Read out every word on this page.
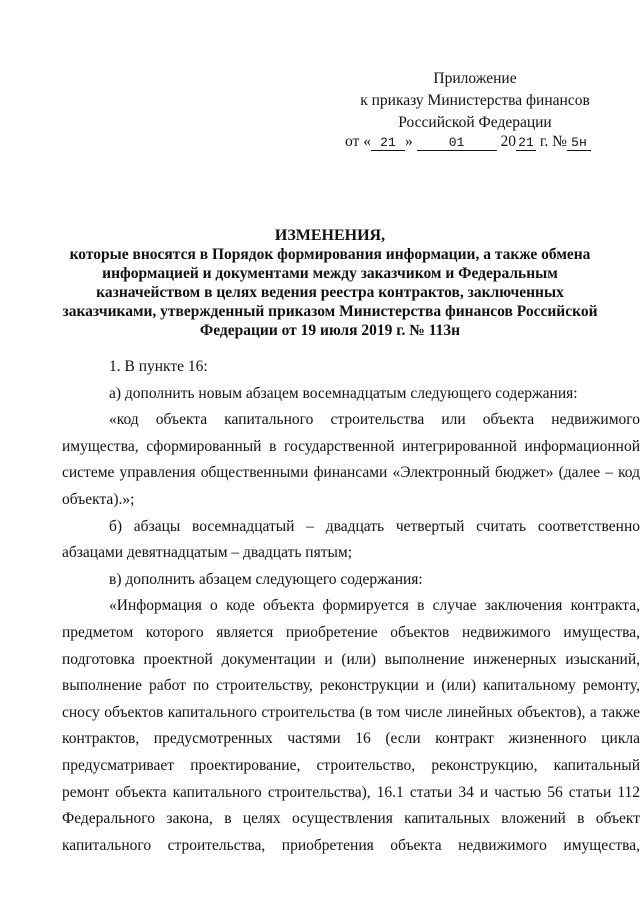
Приложение
к приказу Министерства финансов
Российской Федерации
от « 21 »	01 20 21 г. № 5н
ИЗМЕНЕНИЯ,
которые вносятся в Порядок формирования информации, а также обмена
информацией и документами между заказчиком и Федеральным
казначейством в целях ведения реестра контрактов, заключенных
заказчиками, утвержденный приказом Министерства финансов Российской
Федерации от 19 июля 2019 г. № 113н

1. В пункте 16:

а) дополнить новым абзацем восемнадцатым следующего содержания:

«код объекта капитального строительства или объекта недвижимого имущества, сформированный в государственной интегрированной информационной системе управления общественными финансами «Электронный бюджет» (далее – код объекта).»;

б) абзацы восемнадцатый – двадцать четвертый считать соответственно абзацами девятнадцатым – двадцать пятым;

в) дополнить абзацем следующего содержания:

«Информация о коде объекта формируется в случае заключения контракта, предметом которого является приобретение объектов недвижимого имущества, подготовка проектной документации и (или) выполнение инженерных изысканий, выполнение работ по строительству, реконструкции и (или) капитальному ремонту, сносу объектов капитального строительства (в том числе линейных объектов), а также контрактов, предусмотренных частями 16 (если контракт жизненного цикла предусматривает проектирование, строительство, реконструкцию, капитальный ремонт объекта капитального строительства), 16.1 статьи 34 и частью 56 статьи 112 Федерального закона, в целях осуществления капитальных вложений в объект капитального строительства, приобретения объекта недвижимого имущества,
